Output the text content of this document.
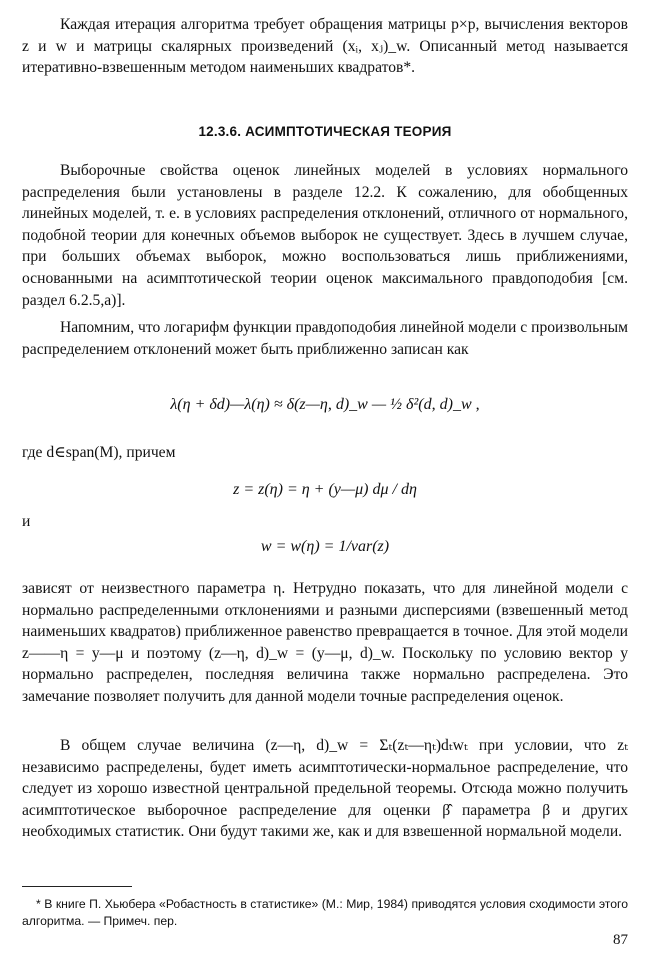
Каждая итерация алгоритма требует обращения матрицы p×p, вычисления векторов z и w и матрицы скалярных произведений (xᵢ, xⱼ)_w. Описанный метод называется итеративно-взвешенным методом наименьших квадратов*.

12.3.6. АСИМПТОТИЧЕСКАЯ ТЕОРИЯ

Выборочные свойства оценок линейных моделей в условиях нормального распределения были установлены в разделе 12.2. К сожалению, для обобщенных линейных моделей, т. е. в условиях распределения отклонений, отличного от нормального, подобной теории для конечных объемов выборок не существует. Здесь в лучшем случае, при больших объемах выборок, можно воспользоваться лишь приближениями, основанными на асимптотической теории оценок максимального правдоподобия [см. раздел 6.2.5,а)].

Напомним, что логарифм функции правдоподобия линейной модели с произвольным распределением отклонений может быть приближенно записан как

λ(η + δd)—λ(η) ≈ δ(z—η, d)_w — ½ δ²(d, d)_w ,
где d∈span(M), причем
z = z(η) = η + (y—μ) dμ / dη
и
w = w(η) = 1/var(z)

зависят от неизвестного параметра η. Нетрудно показать, что для линейной модели с нормально распределенными отклонениями и разными дисперсиями (взвешенный метод наименьших квадратов) приближенное равенство превращается в точное. Для этой модели z——η = y—μ и поэтому (z—η, d)_w = (y—μ, d)_w. Поскольку по условию вектор y нормально распределен, последняя величина также нормально распределена. Это замечание позволяет получить для данной модели точные распределения оценок.

В общем случае величина (z—η, d)_w = Σₜ(zₜ—ηₜ)dₜwₜ при условии, что zₜ независимо распределены, будет иметь асимптотически-нормальное распределение, что следует из хорошо известной центральной предельной теоремы. Отсюда можно получить асимптотическое выборочное распределение для оценки β̂ параметра β и других необходимых статистик. Они будут такими же, как и для взвешенной нормальной модели.

* В книге П. Хьюбера «Робастность в статистике» (М.: Мир, 1984) приводятся условия сходимости этого алгоритма. — Примеч. пер.
87
